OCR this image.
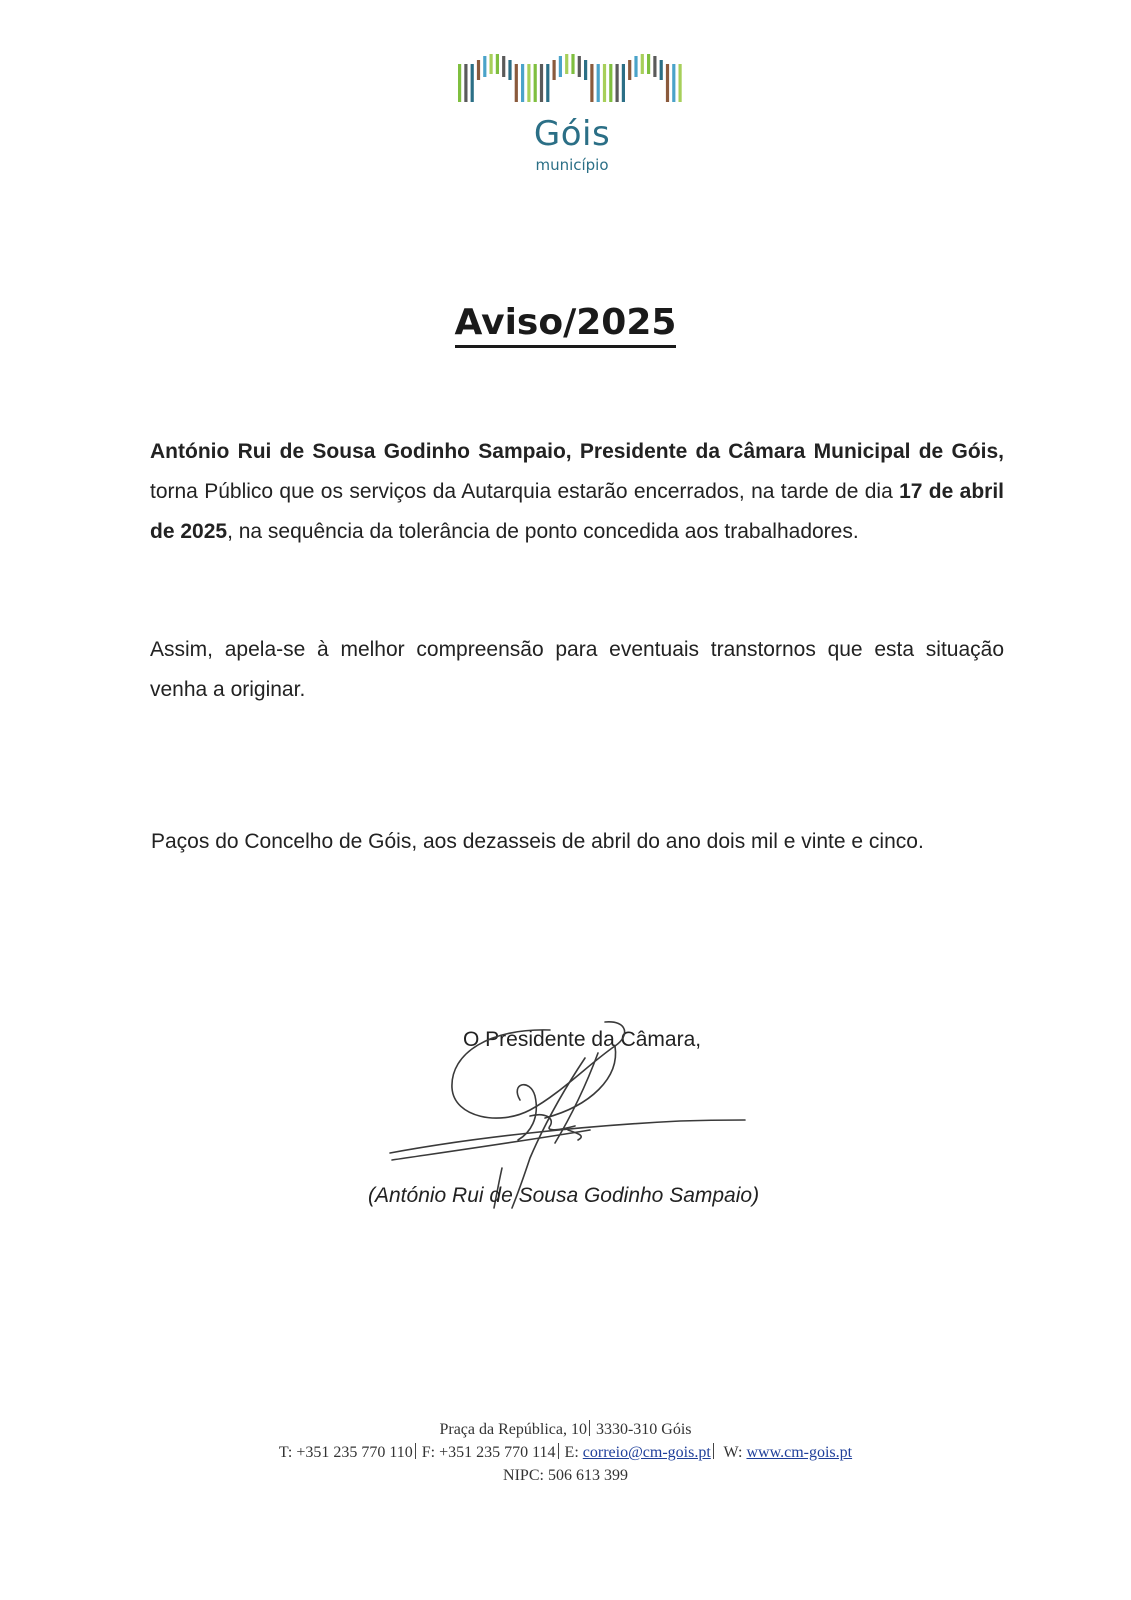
Góis
município
Aviso/2025
António Rui de Sousa Godinho Sampaio, Presidente da Câmara Municipal de Góis, torna Público que os serviços da Autarquia estarão encerrados, na tarde de dia 17 de abril de 2025, na sequência da tolerância de ponto concedida aos trabalhadores.
Assim, apela-se à melhor compreensão para eventuais transtornos que esta situação venha a originar.
Paços do Concelho de Góis, aos dezasseis de abril do ano dois mil e vinte e cinco.
O Presidente da Câmara,
(António Rui de Sousa Godinho Sampaio)
Praça da República, 10 3330-310 Góis
T: +351 235 770 110 F: +351 235 770 114 E: correio@cm-gois.pt W: www.cm-gois.pt
NIPC: 506 613 399
